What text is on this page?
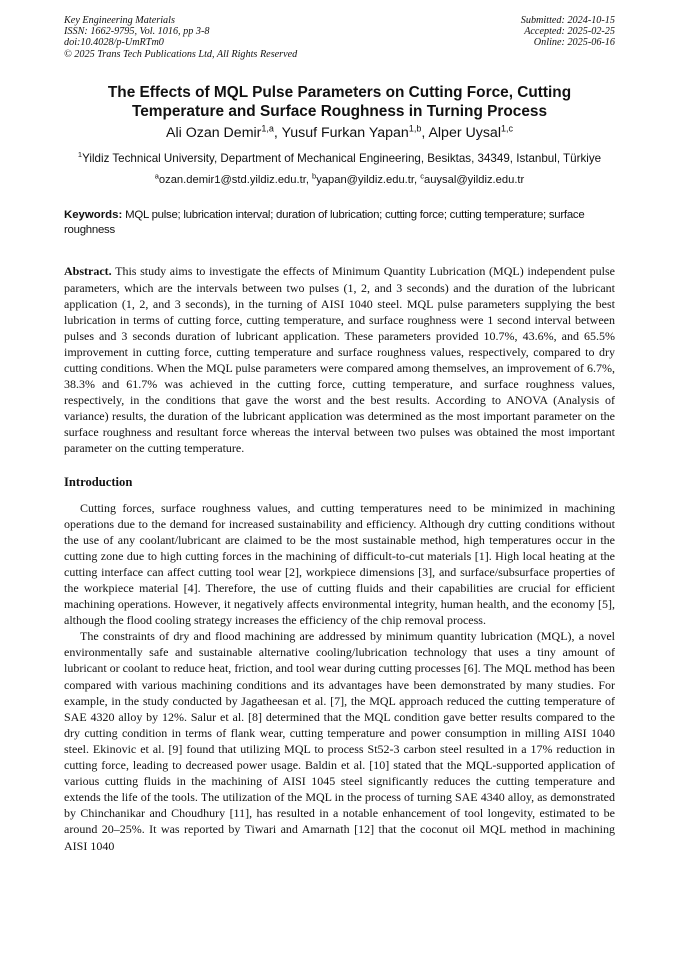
Key Engineering Materials
ISSN: 1662-9795, Vol. 1016, pp 3-8
doi:10.4028/p-UmRTm0
© 2025 Trans Tech Publications Ltd, All Rights Reserved
Submitted: 2024-10-15
Accepted: 2025-02-25
Online: 2025-06-16
The Effects of MQL Pulse Parameters on Cutting Force, Cutting
Temperature and Surface Roughness in Turning Process
Ali Ozan Demir$^{1,a}$, Yusuf Furkan Yapan$^{1,b}$, Alper Uysal$^{1,c}$
$^1$Yildiz Technical University, Department of Mechanical Engineering, Besiktas, 34349, Istanbul, Türkiye
$^a$ozan.demir1@std.yildiz.edu.tr, $^b$yapan@yildiz.edu.tr, $^c$auysal@yildiz.edu.tr
Keywords: MQL pulse; lubrication interval; duration of lubrication; cutting force; cutting temperature; surface roughness

Abstract. This study aims to investigate the effects of Minimum Quantity Lubrication (MQL) independent pulse parameters, which are the intervals between two pulses (1, 2, and 3 seconds) and the duration of the lubricant application (1, 2, and 3 seconds), in the turning of AISI 1040 steel. MQL pulse parameters supplying the best lubrication in terms of cutting force, cutting temperature, and surface roughness were 1 second interval between pulses and 3 seconds duration of lubricant application. These parameters provided 10.7%, 43.6%, and 65.5% improvement in cutting force, cutting temperature and surface roughness values, respectively, compared to dry cutting conditions. When the MQL pulse parameters were compared among themselves, an improvement of 6.7%, 38.3% and 61.7% was achieved in the cutting force, cutting temperature, and surface roughness values, respectively, in the conditions that gave the worst and the best results. According to ANOVA (Analysis of variance) results, the duration of the lubricant application was determined as the most important parameter on the surface roughness and resultant force whereas the interval between two pulses was obtained the most important parameter on the cutting temperature.

Introduction

Cutting forces, surface roughness values, and cutting temperatures need to be minimized in machining operations due to the demand for increased sustainability and efficiency. Although dry cutting conditions without the use of any coolant/lubricant are claimed to be the most sustainable method, high temperatures occur in the cutting zone due to high cutting forces in the machining of difficult-to-cut materials [1]. High local heating at the cutting interface can affect cutting tool wear [2], workpiece dimensions [3], and surface/subsurface properties of the workpiece material [4]. Therefore, the use of cutting fluids and their capabilities are crucial for efficient machining operations. However, it negatively affects environmental integrity, human health, and the economy [5], although the flood cooling strategy increases the efficiency of the chip removal process.

The constraints of dry and flood machining are addressed by minimum quantity lubrication (MQL), a novel environmentally safe and sustainable alternative cooling/lubrication technology that uses a tiny amount of lubricant or coolant to reduce heat, friction, and tool wear during cutting processes [6]. The MQL method has been compared with various machining conditions and its advantages have been demonstrated by many studies. For example, in the study conducted by Jagatheesan et al. [7], the MQL approach reduced the cutting temperature of SAE 4320 alloy by 12%. Salur et al. [8] determined that the MQL condition gave better results compared to the dry cutting condition in terms of flank wear, cutting temperature and power consumption in milling AISI 1040 steel. Ekinovic et al. [9] found that utilizing MQL to process St52-3 carbon steel resulted in a 17% reduction in cutting force, leading to decreased power usage. Baldin et al. [10] stated that the MQL-supported application of various cutting fluids in the machining of AISI 1045 steel significantly reduces the cutting temperature and extends the life of the tools. The utilization of the MQL in the process of turning SAE 4340 alloy, as demonstrated by Chinchanikar and Choudhury [11], has resulted in a notable enhancement of tool longevity, estimated to be around 20–25%. It was reported by Tiwari and Amarnath [12] that the coconut oil MQL method in machining AISI 1040
